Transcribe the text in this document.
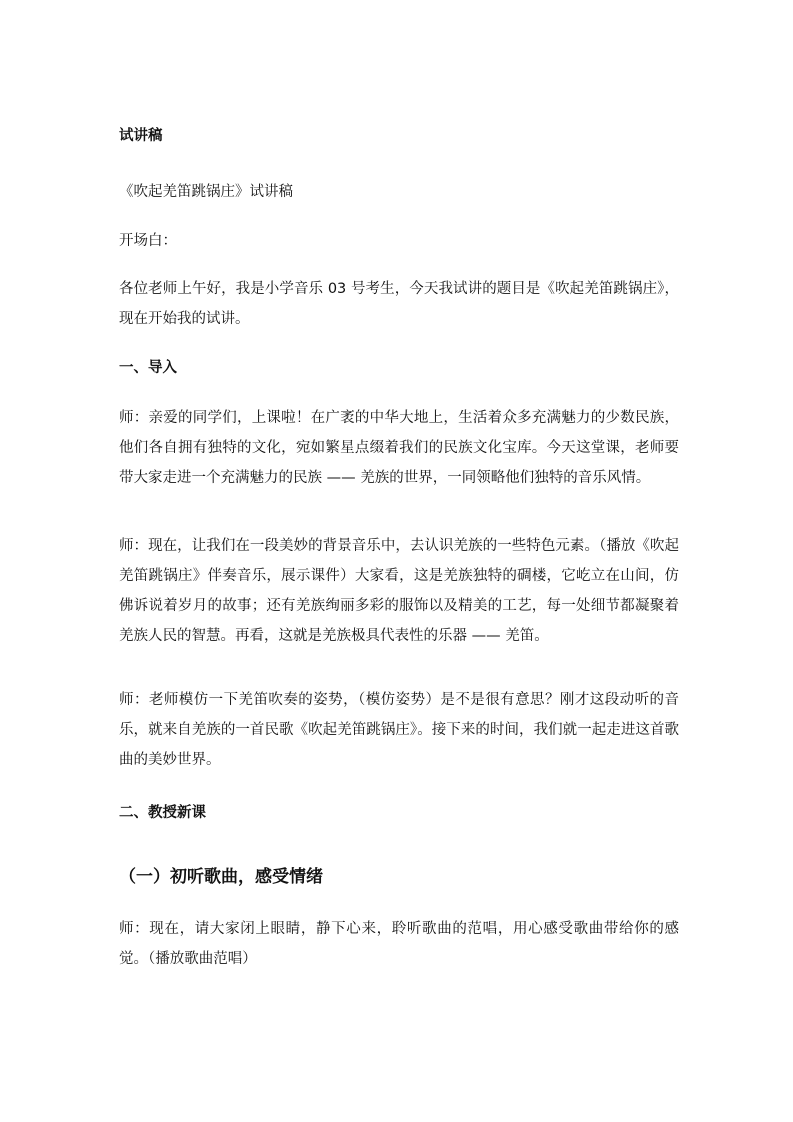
试讲稿
《吹起羌笛跳锅庄》试讲稿
开场白：
各位老师上午好，我是小学音乐 03 号考生，今天我试讲的题目是《吹起羌笛跳锅庄》，现在开始我的试讲。
一、导入
师：亲爱的同学们，上课啦！在广袤的中华大地上，生活着众多充满魅力的少数民族，他们各自拥有独特的文化，宛如繁星点缀着我们的民族文化宝库。今天这堂课，老师要带大家走进一个充满魅力的民族 —— 羌族的世界，一同领略他们独特的音乐风情。
师：现在，让我们在一段美妙的背景音乐中，去认识羌族的一些特色元素。（播放《吹起羌笛跳锅庄》伴奏音乐，展示课件）大家看，这是羌族独特的碉楼，它屹立在山间，仿佛诉说着岁月的故事；还有羌族绚丽多彩的服饰以及精美的工艺，每一处细节都凝聚着羌族人民的智慧。再看，这就是羌族极具代表性的乐器 —— 羌笛。
师：老师模仿一下羌笛吹奏的姿势，（模仿姿势）是不是很有意思？刚才这段动听的音乐，就来自羌族的一首民歌《吹起羌笛跳锅庄》。接下来的时间，我们就一起走进这首歌曲的美妙世界。
二、教授新课
（一）初听歌曲，感受情绪
师：现在，请大家闭上眼睛，静下心来，聆听歌曲的范唱，用心感受歌曲带给你的感觉。（播放歌曲范唱）
